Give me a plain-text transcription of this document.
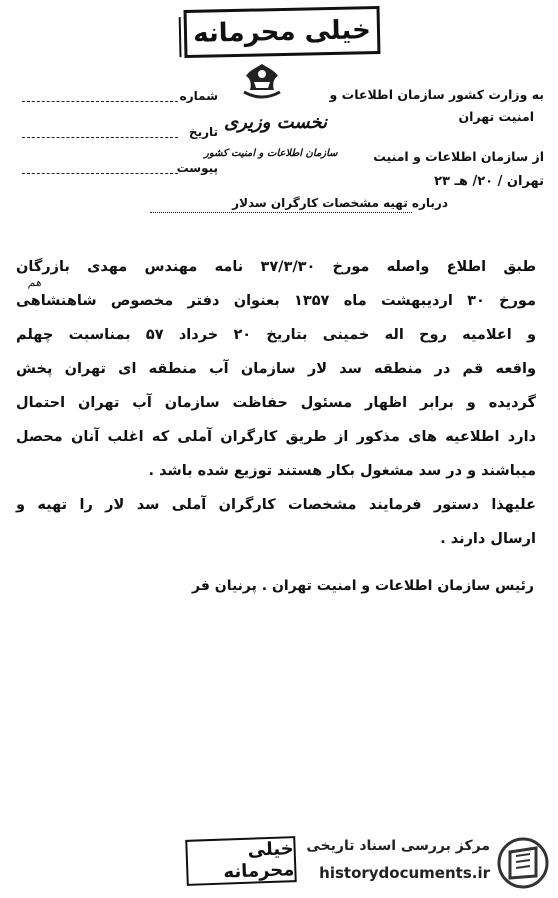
خیلی محرمانه
به وزارت کشور سازمان اطلاعات و
امنیت تهران
از سازمان اطلاعات و امنیت
نخست وزیری
سازمان اطلاعات و امنیت کشور
شماره
تاریخ
پیوست
تهران / ۲۰/ هـ ۲۳
درباره تهیه مشخصات کارگران سدلار
هم
طبق اطلاع واصله مورخ ۳۷/۳/۳۰ نامه مهندس مهدی بازرگان
مورخ ۳۰ اردیبهشت ماه ۱۳۵۷ بعنوان دفتر مخصوص شاهنشاهی
و اعلامیه روح اله خمینی بتاریخ ۲۰ خرداد ۵۷ بمناسبت چهلم
واقعه قم در منطقه سد لار سازمان آب منطقه ای تهران پخش
گردیده و برابر اظهار مسئول حفاظت سازمان آب تهران احتمال
دارد اطلاعیه های مذکور از طریق کارگران آملی که اغلب آنان محصل
میباشند و در سد مشغول بکار هستند توزیع شده باشد .
علیهذا دستور فرمایند مشخصات کارگران آملی سد لار را تهیه و
ارسال دارند .
رئیس سازمان اطلاعات و امنیت تهران . پرنیان فر
خیلی محرمانه
مرکز بررسی اسناد تاریخی
historydocuments.ir
